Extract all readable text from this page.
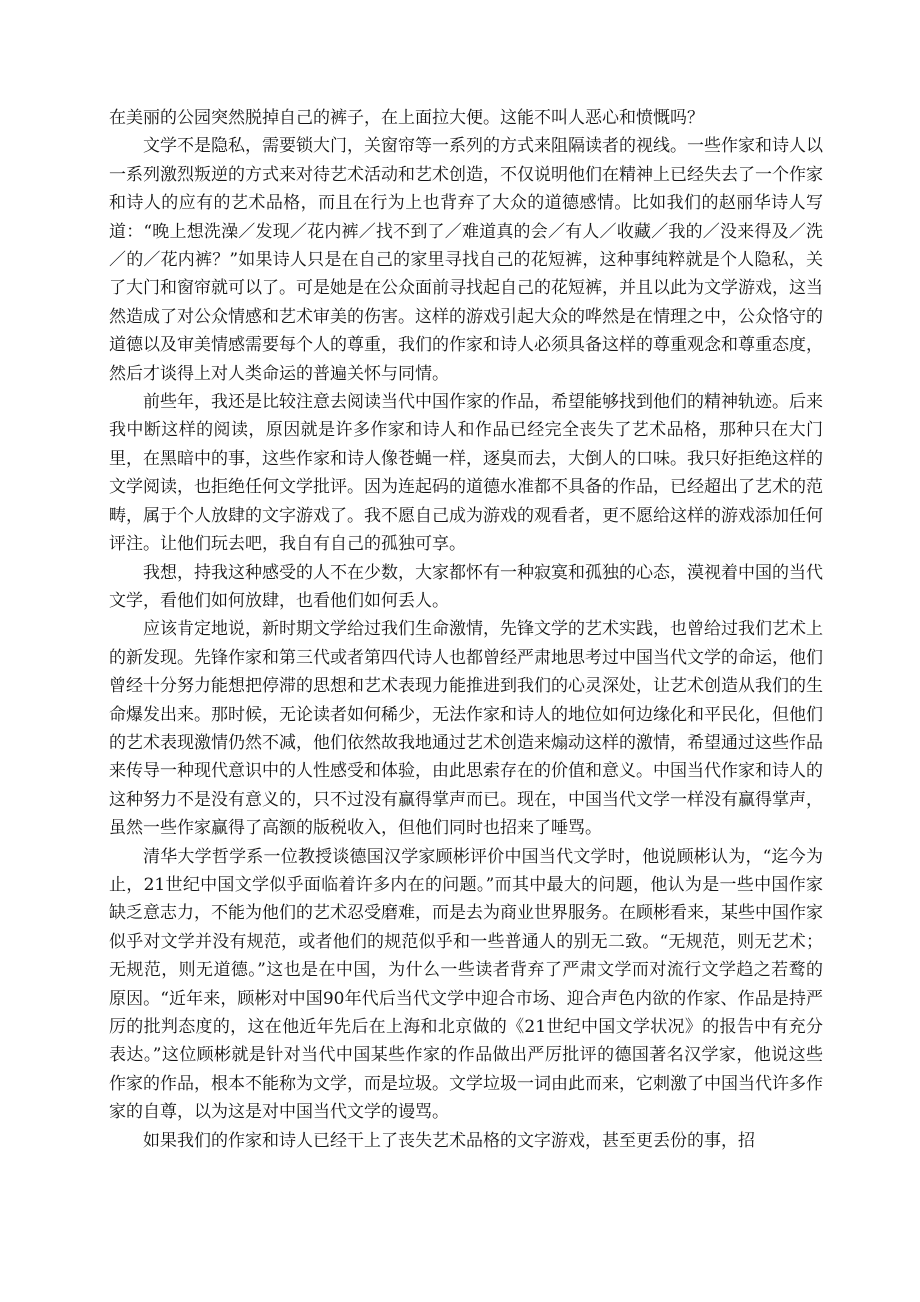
在美丽的公园突然脱掉自己的裤子，在上面拉大便。这能不叫人恶心和愤慨吗？

文学不是隐私，需要锁大门，关窗帘等一系列的方式来阻隔读者的视线。一些作家和诗人以一系列激烈叛逆的方式来对待艺术活动和艺术创造，不仅说明他们在精神上已经失去了一个作家和诗人的应有的艺术品格，而且在行为上也背弃了大众的道德感情。比如我们的赵丽华诗人写道：“晚上想洗澡／发现／花内裤／找不到了／难道真的会／有人／收藏／我的／没来得及／洗／的／花内裤？”如果诗人只是在自己的家里寻找自己的花短裤，这种事纯粹就是个人隐私，关了大门和窗帘就可以了。可是她是在公众面前寻找起自己的花短裤，并且以此为文学游戏，这当然造成了对公众情感和艺术审美的伤害。这样的游戏引起大众的哗然是在情理之中，公众恪守的道德以及审美情感需要每个人的尊重，我们的作家和诗人必须具备这样的尊重观念和尊重态度，然后才谈得上对人类命运的普遍关怀与同情。

前些年，我还是比较注意去阅读当代中国作家的作品，希望能够找到他们的精神轨迹。后来我中断这样的阅读，原因就是许多作家和诗人和作品已经完全丧失了艺术品格，那种只在大门里，在黑暗中的事，这些作家和诗人像苍蝇一样，逐臭而去，大倒人的口味。我只好拒绝这样的文学阅读，也拒绝任何文学批评。因为连起码的道德水准都不具备的作品，已经超出了艺术的范畴，属于个人放肆的文字游戏了。我不愿自己成为游戏的观看者，更不愿给这样的游戏添加任何评注。让他们玩去吧，我自有自己的孤独可享。

我想，持我这种感受的人不在少数，大家都怀有一种寂寞和孤独的心态，漠视着中国的当代文学，看他们如何放肆，也看他们如何丢人。

应该肯定地说，新时期文学给过我们生命激情，先锋文学的艺术实践，也曾给过我们艺术上的新发现。先锋作家和第三代或者第四代诗人也都曾经严肃地思考过中国当代文学的命运，他们曾经十分努力能想把停滞的思想和艺术表现力能推进到我们的心灵深处，让艺术创造从我们的生命爆发出来。那时候，无论读者如何稀少，无法作家和诗人的地位如何边缘化和平民化，但他们的艺术表现激情仍然不减，他们依然故我地通过艺术创造来煽动这样的激情，希望通过这些作品来传导一种现代意识中的人性感受和体验，由此思索存在的价值和意义。中国当代作家和诗人的这种努力不是没有意义的，只不过没有赢得掌声而已。现在，中国当代文学一样没有赢得掌声，虽然一些作家赢得了高额的版税收入，但他们同时也招来了唾骂。

清华大学哲学系一位教授谈德国汉学家顾彬评价中国当代文学时，他说顾彬认为，“迄今为止，21世纪中国文学似乎面临着许多内在的问题。”而其中最大的问题，他认为是一些中国作家缺乏意志力，不能为他们的艺术忍受磨难，而是去为商业世界服务。在顾彬看来，某些中国作家似乎对文学并没有规范，或者他们的规范似乎和一些普通人的别无二致。“无规范，则无艺术；无规范，则无道德。”这也是在中国，为什么一些读者背弃了严肃文学而对流行文学趋之若鹜的原因。“近年来，顾彬对中国90年代后当代文学中迎合市场、迎合声色内欲的作家、作品是持严厉的批判态度的，这在他近年先后在上海和北京做的《21世纪中国文学状况》的报告中有充分表达。”这位顾彬就是针对当代中国某些作家的作品做出严厉批评的德国著名汉学家，他说这些作家的作品，根本不能称为文学，而是垃圾。文学垃圾一词由此而来，它刺激了中国当代许多作家的自尊，以为这是对中国当代文学的谩骂。

如果我们的作家和诗人已经干上了丧失艺术品格的文字游戏，甚至更丢份的事，招
